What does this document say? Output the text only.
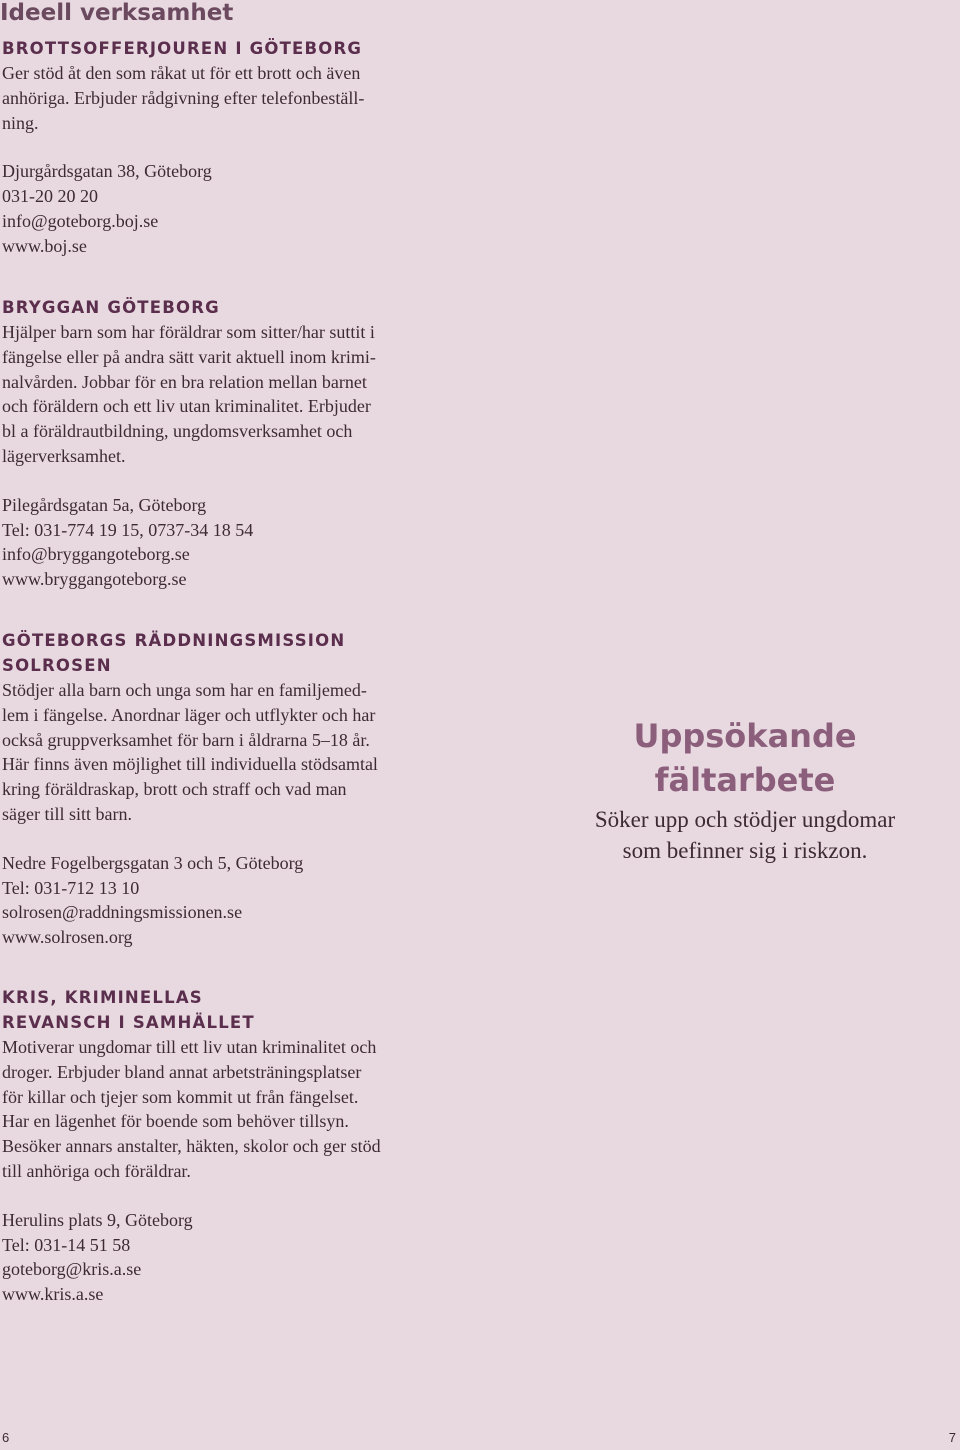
Ideell verksamhet

BROTTSOFFERJOUREN I GÖTEBORG

Ger stöd åt den som råkat ut för ett brott och även

anhöriga. Erbjuder rådgivning efter telefonbeställ-

ning.

Djurgårdsgatan 38, Göteborg

031-20 20 20

info@goteborg.boj.se

www.boj.se

BRYGGAN GÖTEBORG

Hjälper barn som har föräldrar som sitter/har suttit i

fängelse eller på andra sätt varit aktuell inom krimi-

nalvården. Jobbar för en bra relation mellan barnet

och föräldern och ett liv utan kriminalitet. Erbjuder

bl a föräldrautbildning, ungdomsverksamhet och

lägerverksamhet.

Pilegårdsgatan 5a, Göteborg

Tel: 031-774 19 15, 0737-34 18 54

info@bryggangoteborg.se

www.bryggangoteborg.se

GÖTEBORGS RÄDDNINGSMISSION

SOLROSEN

Stödjer alla barn och unga som har en familjemed-

lem i fängelse. Anordnar läger och utflykter och har

också gruppverksamhet för barn i åldrarna 5–18 år.

Här finns även möjlighet till individuella stödsamtal

kring föräldraskap, brott och straff och vad man

säger till sitt barn.

Nedre Fogelbergsgatan 3 och 5, Göteborg

Tel: 031-712 13 10

solrosen@raddningsmissionen.se

www.solrosen.org

KRIS, KRIMINELLAS

REVANSCH I SAMHÄLLET

Motiverar ungdomar till ett liv utan kriminalitet och

droger. Erbjuder bland annat arbetsträningsplatser

för killar och tjejer som kommit ut från fängelset.

Har en lägenhet för boende som behöver tillsyn.

Besöker annars anstalter, häkten, skolor och ger stöd

till anhöriga och föräldrar.

Herulins plats 9, Göteborg

Tel: 031-14 51 58

goteborg@kris.a.se

www.kris.a.se

Uppsökande

fältarbete

Söker upp och stödjer ungdomar

som befinner sig i riskzon.

6	7
